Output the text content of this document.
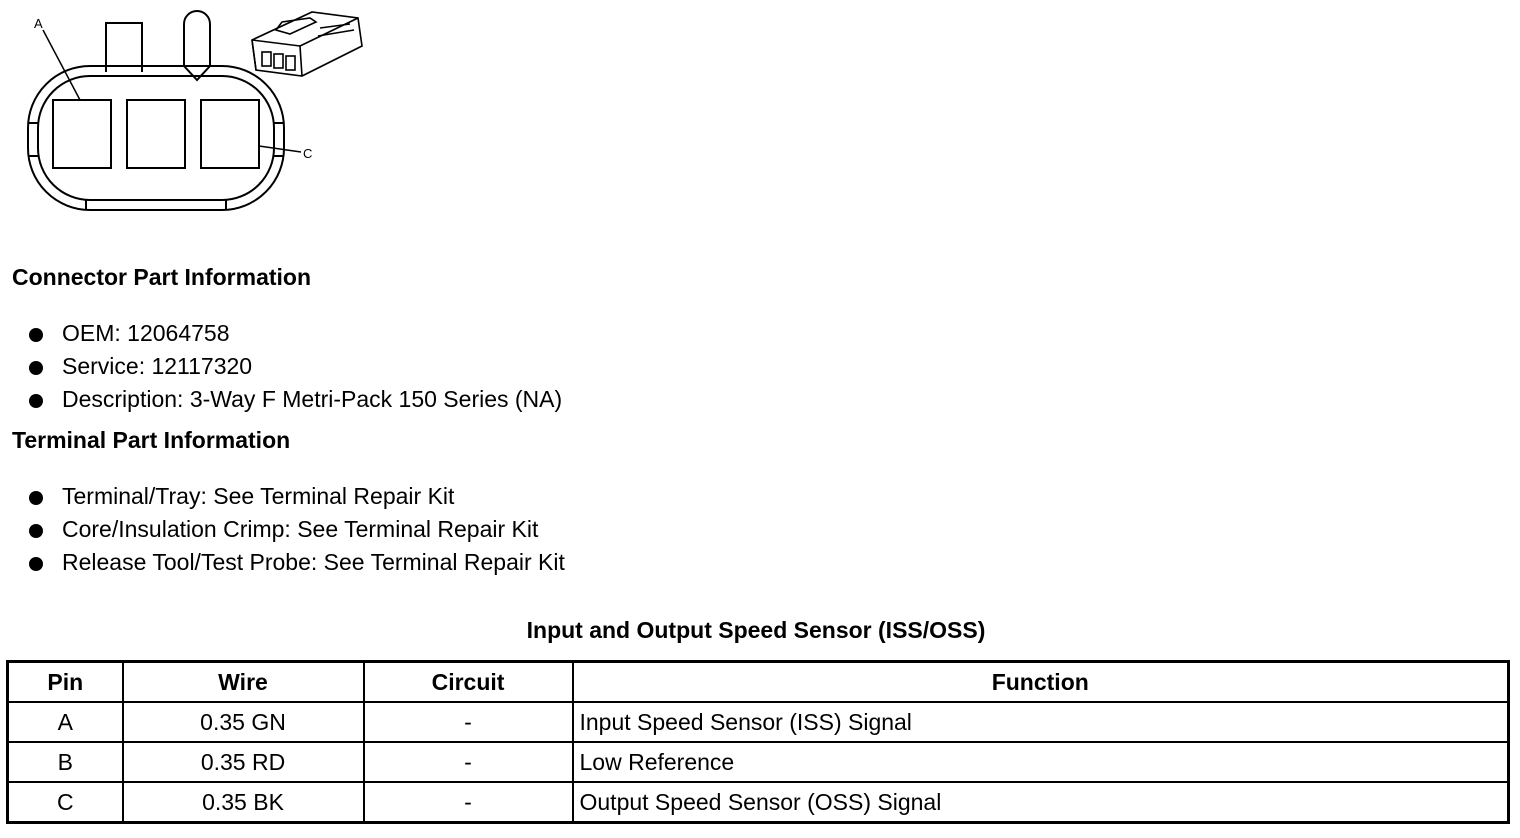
A
C
Connector Part Information
OEM: 12064758
Service: 12117320
Description: 3-Way F Metri-Pack 150 Series (NA)
Terminal Part Information
Terminal/Tray: See Terminal Repair Kit
Core/Insulation Crimp: See Terminal Repair Kit
Release Tool/Test Probe: See Terminal Repair Kit
Input and Output Speed Sensor (ISS/OSS)
Pin	Wire	Circuit	Function
A	0.35 GN	-	Input Speed Sensor (ISS) Signal
B	0.35 RD	-	Low Reference
C	0.35 BK	-	Output Speed Sensor (OSS) Signal
